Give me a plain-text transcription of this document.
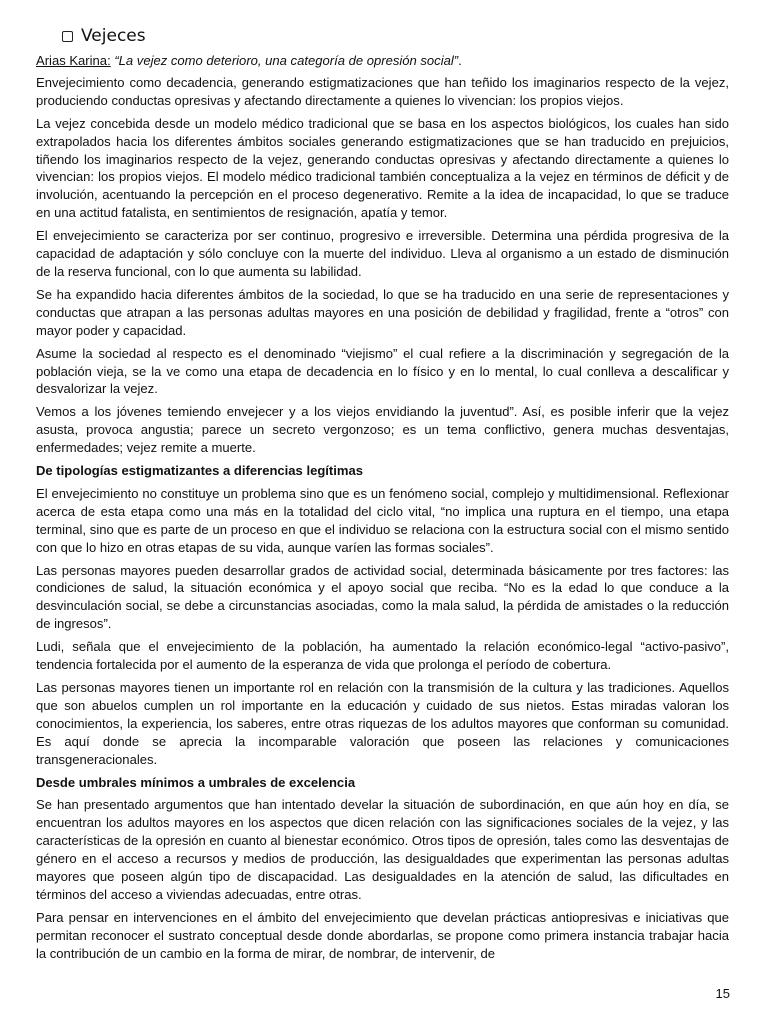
Vejeces

Arias Karina: “La vejez como deterioro, una categoría de opresión social”.

Envejecimiento como decadencia, generando estigmatizaciones que han teñido los imaginarios respecto de la vejez, produciendo conductas opresivas y afectando directamente a quienes lo vivencian: los propios viejos.

La vejez concebida desde un modelo médico tradicional que se basa en los aspectos biológicos, los cuales han sido extrapolados hacia los diferentes ámbitos sociales generando estigmatizaciones que se han traducido en prejuicios, tiñendo los imaginarios respecto de la vejez, generando conductas opresivas y afectando directamente a quienes lo vivencian: los propios viejos. El modelo médico tradicional también conceptualiza a la vejez en términos de déficit y de involución, acentuando la percepción en el proceso degenerativo. Remite a la idea de incapacidad, lo que se traduce en una actitud fatalista, en sentimientos de resignación, apatía y temor.

El envejecimiento se caracteriza por ser continuo, progresivo e irreversible. Determina una pérdida progresiva de la capacidad de adaptación y sólo concluye con la muerte del individuo. Lleva al organismo a un estado de disminución de la reserva funcional, con lo que aumenta su labilidad.

Se ha expandido hacia diferentes ámbitos de la sociedad, lo que se ha traducido en una serie de representaciones y conductas que atrapan a las personas adultas mayores en una posición de debilidad y fragilidad, frente a “otros” con mayor poder y capacidad.

Asume la sociedad al respecto es el denominado “viejismo” el cual refiere a la discriminación y segregación de la población vieja, se la ve como una etapa de decadencia en lo físico y en lo mental, lo cual conlleva a descalificar y desvalorizar la vejez.

Vemos a los jóvenes temiendo envejecer y a los viejos envidiando la juventud”. Así, es posible inferir que la vejez asusta, provoca angustia; parece un secreto vergonzoso; es un tema conflictivo, genera muchas desventajas, enfermedades; vejez remite a muerte.

De tipologías estigmatizantes a diferencias legítimas

El envejecimiento no constituye un problema sino que es un fenómeno social, complejo y multidimensional. Reflexionar acerca de esta etapa como una más en la totalidad del ciclo vital, “no implica una ruptura en el tiempo, una etapa terminal, sino que es parte de un proceso en que el individuo se relaciona con la estructura social con el mismo sentido con que lo hizo en otras etapas de su vida, aunque varíen las formas sociales”.

Las personas mayores pueden desarrollar grados de actividad social, determinada básicamente por tres factores: las condiciones de salud, la situación económica y el apoyo social que reciba. “No es la edad lo que conduce a la desvinculación social, se debe a circunstancias asociadas, como la mala salud, la pérdida de amistades o la reducción de ingresos”.

Ludi, señala que el envejecimiento de la población, ha aumentado la relación económico-legal “activo-pasivo”, tendencia fortalecida por el aumento de la esperanza de vida que prolonga el período de cobertura.

Las personas mayores tienen un importante rol en relación con la transmisión de la cultura y las tradiciones. Aquellos que son abuelos cumplen un rol importante en la educación y cuidado de sus nietos. Estas miradas valoran los conocimientos, la experiencia, los saberes, entre otras riquezas de los adultos mayores que conforman su comunidad. Es aquí donde se aprecia la incomparable valoración que poseen las relaciones y comunicaciones transgeneracionales.

Desde umbrales mínimos a umbrales de excelencia

Se han presentado argumentos que han intentado develar la situación de subordinación, en que aún hoy en día, se encuentran los adultos mayores en los aspectos que dicen relación con las significaciones sociales de la vejez, y las características de la opresión en cuanto al bienestar económico. Otros tipos de opresión, tales como las desventajas de género en el acceso a recursos y medios de producción, las desigualdades que experimentan las personas adultas mayores que poseen algún tipo de discapacidad. Las desigualdades en la atención de salud, las dificultades en términos del acceso a viviendas adecuadas, entre otras.

Para pensar en intervenciones en el ámbito del envejecimiento que develan prácticas antiopresivas e iniciativas que permitan reconocer el sustrato conceptual desde donde abordarlas, se propone como primera instancia trabajar hacia la contribución de un cambio en la forma de mirar, de nombrar, de intervenir, de

15
